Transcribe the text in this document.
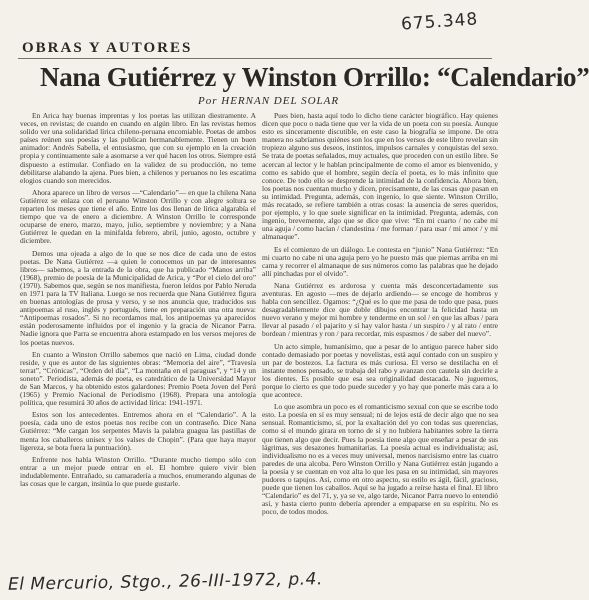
675.348
OBRAS Y AUTORES
Nana Gutiérrez y Winston Orrillo: “Calendario”
Por HERNAN DEL SOLAR

En Arica hay buenas imprentas y los poetas las utilizan diestramente. A veces, en revistas; de cuando en cuando en algún libro. En las revistas hemos solido ver una solidaridad lírica chileno-peruana encomiable. Poetas de ambos países reúnen sus poesías y las publican hermanablemente. Tienen un buen animador: Andrés Sabella, el entusiasmo, que con su ejemplo en la creación propia y continuamente sale a asomarse a ver qué hacen los otros. Siempre está dispuesto a estimular. Confiado en la validez de su producción, no teme debilitarse alabando la ajena. Pues bien, a chilenos y peruanos no les escatima elogios cuando son merecidos.

Ahora aparece un libro de versos —“Calendario”— en que la chilena Nana Gutiérrez se enlaza con el peruano Winston Orrillo y con alegre soltura se reparten los meses que tiene el año. Entre los dos llenan de lírica algarabía el tiempo que va de enero a diciembre. A Winston Orrillo le corresponde ocuparse de enero, marzo, mayo, julio, septiembre y noviembre; y a Nana Gutiérrez le quedan en la minifalda febrero, abril, junio, agosto, octubre y diciembre.

Demos una ojeada a algo de lo que se nos dice de cada uno de estos poetas. De Nana Gutiérrez —a quien le conocemos un par de interesantes libros— sabemos, a la entrada de la obra, que ha publicado “Manos arriba” (1968), premio de poesía de la Municipalidad de Arica, y “Por el cielo del oro” (1970). Sabemos que, según se nos manifiesta, fueron leídos por Pablo Neruda en 1971 para la TV Italiana. Luego se nos recuerda que Nana Gutiérrez figura en buenas antologías de prosa y verso, y se nos anuncia que, traducidos sus antipoemas al ruso, inglés y portugués, tiene en preparación una otra nueva: “Antipoemas rosados”. Si no recordamos mal, los antipoemas ya aparecidos están poderosamente influidos por el ingenio y la gracia de Nicanor Parra. Nadie ignora que Parra se encuentra ahora estampado en los versos mejores de los poetas nuevos.

En cuanto a Winston Orrillo sabemos que nació en Lima, ciudad donde reside, y que es autor de las siguientes obras: “Memoria del aire”, “Travesía terrat”, “Crónicas”, “Orden del día”, “La montaña en el paraguas”, y “14 y un soneto”. Periodista, además de poeta, es catedrático de la Universidad Mayor de San Marcos, y ha obtenido estos galardones: Premio Poeta Joven del Perú (1965) y Premio Nacional de Periodismo (1968). Prepara una antología política, que resumirá 30 años de actividad lírica: 1941-1971.

Estos son los antecedentes. Entremos ahora en el “Calendario”. A la poesía, cada uno de estos poetas nos recibe con un contraseño. Dice Nana Gutiérrez: “Me cargan los serpentes Mavis la palabra guagua las pastillas de menta los caballeros unisex y los valses de Chopin”. (Para que haya mayor ligereza, se bota fuera la puntuación).

Enfrente nos habla Winston Orrillo. “Durante mucho tiempo sólo con entrar a un mejor puede entrar en el. El hombre quiere vivir bien indudablemente. Entrañado, su camaradería a muchos, enumerando algunas de las cosas que le cargan, insinúa lo que puede gustarle.

Pues bien, hasta aquí todo lo dicho tiene carácter biográfico. Hay quienes dicen que poco o nada tiene que ver la vida de un poeta con su poesía. Aunque esto es sinceramente discutible, en este caso la biografía se impone. De otra manera no sabríamos quiénes son los que en los versos de este libro revelan sin tropiezo alguno sus deseos, instintos, impulsos carnales y conquistas del sexo. Se trata de poetas señalados, muy actuales, que proceden con un estilo libre. Se acercan al lector y le hablan principalmente de como el amor es bienvenido, y como es sabido que el hombre, según decía el poeta, es lo más infinito que conoce. De todo ello se desprende la intimidad de la confidencia. Ahora bien, los poetas nos cuentan mucho y dicen, precisamente, de las cosas que pasan en su intimidad. Pregunta, además, con ingenio, lo que siente. Winston Orrillo, más recatado, se refiere también a otras cosas: la ausencia de seres queridos, por ejemplo, y lo que suele significar en la intimidad. Pregunta, además, con ingenio, brevemente, algo que se dice que vive: “En mi cuarto / no cabe mi una aguja / como hacían / clandestina / me forman / para usar / mi amor / y mi almanaque”.

Es el comienzo de un diálogo. Le contesta en “junio” Nana Gutiérrez: “En mi cuarto no cabe ni una aguja pero yo he puesto más que piernas arriba en mi cama y recorrer el almanaque de sus números como las palabras que he dejado allí pinchadas por el olvido”.

Nana Gutiérrez es ardorosa y cuenta más desconcertadamente sus aventuras. En agosto —mes de dejarlo ardiendo— se encoge de hombros y habla con sencillez. Ogamos: “¿Qué es lo que me pasa de todo que pasa, pues desagradablemente dice que doble dibujos encontrar la felicidad hasta un nuevo verano y mejor mi hombre y tenderme en un sol / en que las albas / para llevar al pasado / el pajarito y sí hay valor hasta / un suspiro / y al rato / entre bordean / mientras y ron / para recordar, mis espasmos / de saber del nuevo”.

Un acto simple, humanísimo, que a pesar de lo antiguo parece haber sido contado demasiado por poetas y novelistas, está aquí contado con un suspiro y un par de bostezos. La factura es más curiosa. El verso se destilacha en el instante menos pensado, se trabaja del rabo y avanzan con cautela sin decirle a los dientes. Es posible que esa sea originalidad destacada. No juguemos, porque lo cierto es que todo puede suceder y yo hay que ponerle más cara a lo que acontece.

Lo que asombra un poco es el romanticismo sexual con que se escribe todo esto. La poesía en sí es muy sensual; ni de lejos está de decir algo que no sea sensual. Romanticismo, sí, por la exaltación del yo con todas sus querencias, como si el mundo girara en torno de sí y no hubiera habitantes sobre la tierra que tienen algo que decir. Pues la poesía tiene algo que enseñar a pesar de sus lágrimas, sus desazones humanitarias. La poesía actual es individualista; así, individualismo no es a veces muy universal, menos narcisismo entre las cuatro paredes de una alcoba. Pero Winston Orrillo y Nana Gutiérrez están jugando a la poesía y se cuentan en voz alta lo que les pasa en su intimidad, sin mayores pudores o tapujos. Así, como en otro aspecto, su estilo es ágil, fácil, gracioso, puede que tienen los caballos. Aquí se ha jugado a reírse hasta el final. El libro “Calendario” es del 71, y, ya se ve, algo tarde, Nicanor Parra nuevo lo entendió así, y hasta cierto punto debería aprender a empaparse en su espíritu. No es poco, de todos modos.

El Mercurio, Stgo., 26-III-1972, p.4.
